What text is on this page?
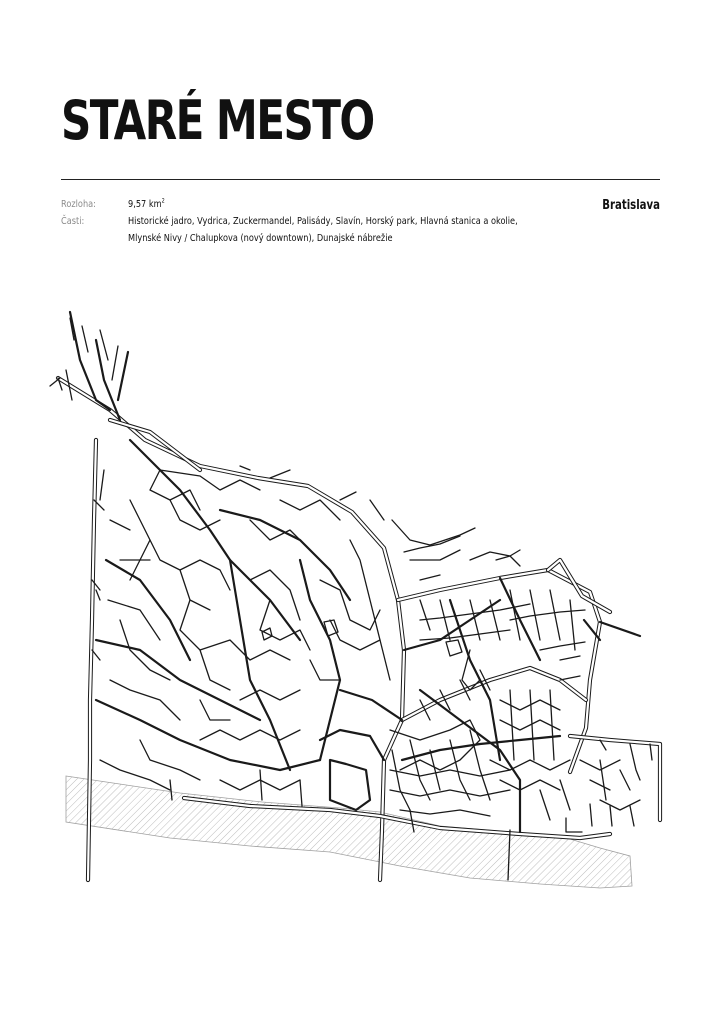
STARÉ MESTO

Rozloha:

Časti:

9,57 $km^2$

Historické jadro, Vydrica, Zuckermandel, Palisády, Slavín, Horský park, Hlavná stanica a okolie,

Mlynské Nivy / Chalupkova (nový downtown), Dunajské nábrežie

Bratislava
